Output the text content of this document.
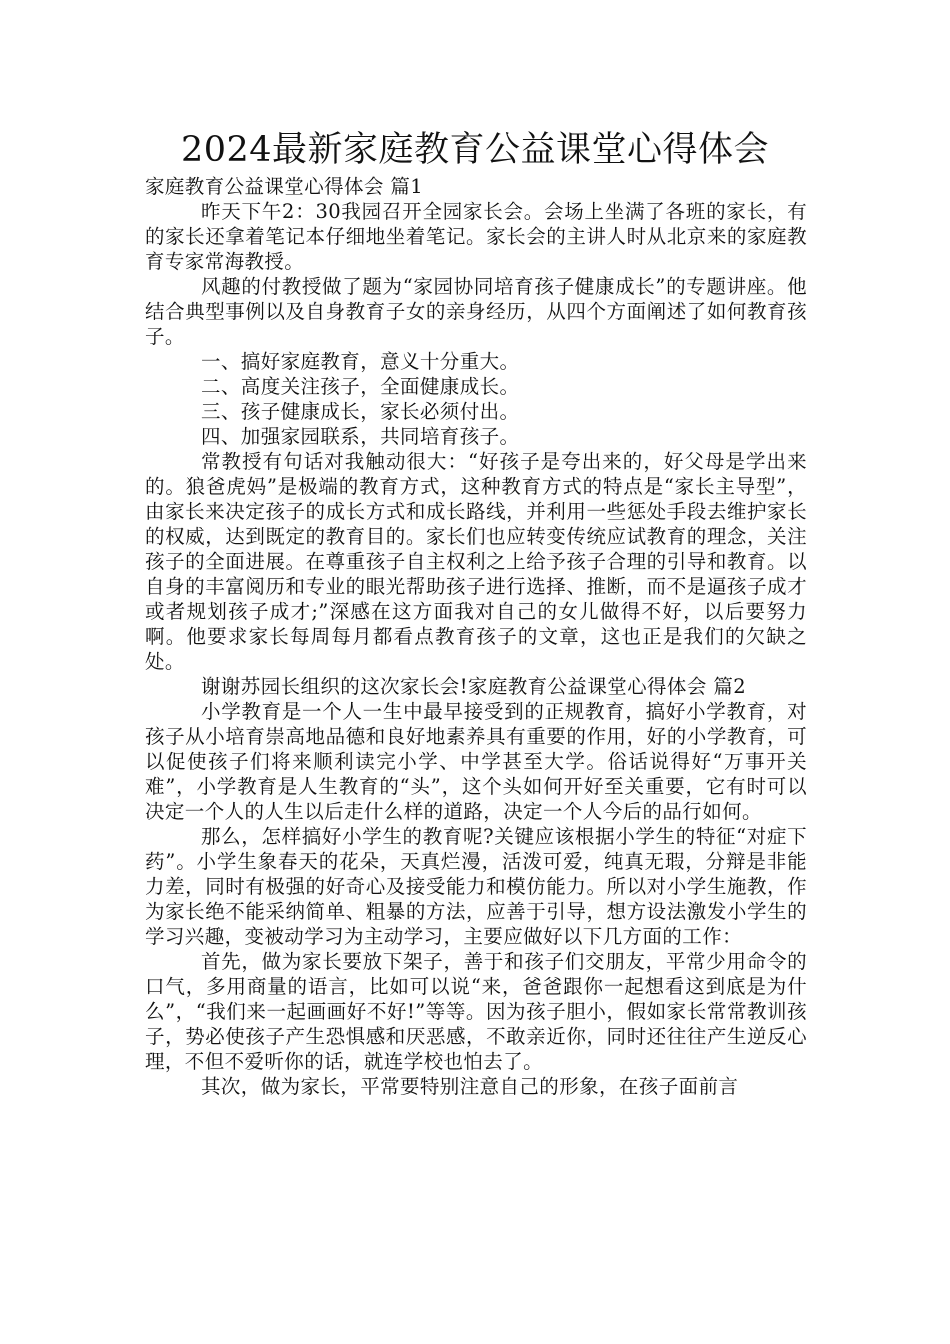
2024最新家庭教育公益课堂心得体会

家庭教育公益课堂心得体会 篇1

昨天下午2：30我园召开全园家长会。会场上坐满了各班的家长，有的家长还拿着笔记本仔细地坐着笔记。家长会的主讲人时从北京来的家庭教育专家常海教授。

风趣的付教授做了题为“家园协同培育孩子健康成长”的专题讲座。他结合典型事例以及自身教育子女的亲身经历，从四个方面阐述了如何教育孩子。

一、搞好家庭教育，意义十分重大。

二、高度关注孩子，全面健康成长。

三、孩子健康成长，家长必须付出。

四、加强家园联系，共同培育孩子。

常教授有句话对我触动很大：“好孩子是夸出来的，好父母是学出来的。狼爸虎妈”是极端的教育方式，这种教育方式的特点是“家长主导型”，由家长来决定孩子的成长方式和成长路线，并利用一些惩处手段去维护家长的权威，达到既定的教育目的。家长们也应转变传统应试教育的理念，关注孩子的全面进展。在尊重孩子自主权利之上给予孩子合理的引导和教育。以自身的丰富阅历和专业的眼光帮助孩子进行选择、推断，而不是逼孩子成才或者规划孩子成才;”深感在这方面我对自己的女儿做得不好，以后要努力啊。他要求家长每周每月都看点教育孩子的文章，这也正是我们的欠缺之处。

谢谢苏园长组织的这次家长会!家庭教育公益课堂心得体会 篇2

小学教育是一个人一生中最早接受到的正规教育，搞好小学教育，对孩子从小培育崇高地品德和良好地素养具有重要的作用，好的小学教育，可以促使孩子们将来顺利读完小学、中学甚至大学。俗话说得好“万事开关难”，小学教育是人生教育的“头”，这个头如何开好至关重要，它有时可以决定一个人的人生以后走什么样的道路，决定一个人今后的品行如何。

那么，怎样搞好小学生的教育呢?关键应该根据小学生的特征“对症下药”。小学生象春天的花朵，天真烂漫，活泼可爱，纯真无瑕，分辩是非能力差，同时有极强的好奇心及接受能力和模仿能力。所以对小学生施教，作为家长绝不能采纳简单、粗暴的方法，应善于引导，想方设法激发小学生的学习兴趣，变被动学习为主动学习，主要应做好以下几方面的工作：

首先，做为家长要放下架子，善于和孩子们交朋友，平常少用命令的口气，多用商量的语言，比如可以说“来，爸爸跟你一起想看这到底是为什么”，“我们来一起画画好不好!”等等。因为孩子胆小，假如家长常常教训孩子，势必使孩子产生恐惧感和厌恶感，不敢亲近你，同时还往往产生逆反心理，不但不爱听你的话，就连学校也怕去了。

其次，做为家长，平常要特别注意自己的形象，在孩子面前言
